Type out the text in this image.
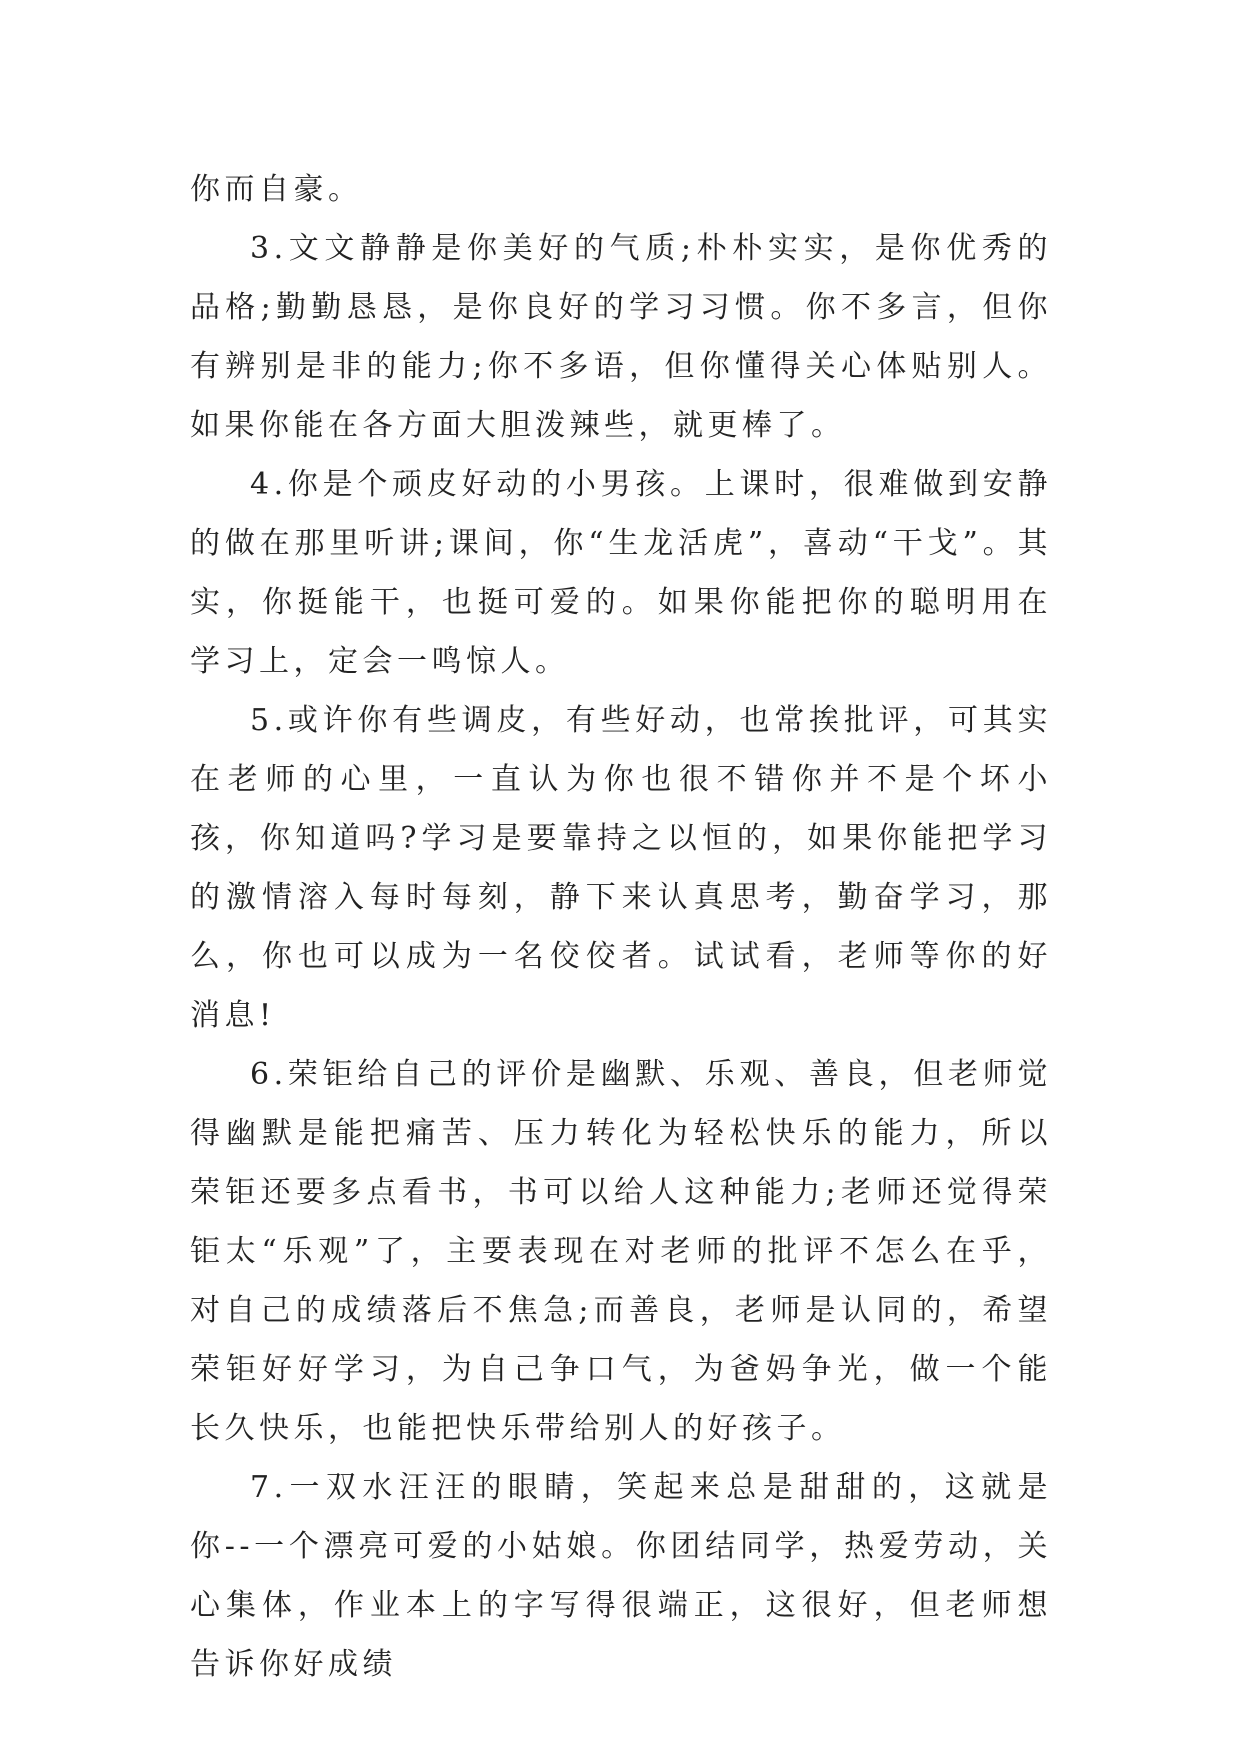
你而自豪。

3.文文静静是你美好的气质;朴朴实实，是你优秀的品格;勤勤恳恳，是你良好的学习习惯。你不多言，但你有辨别是非的能力;你不多语，但你懂得关心体贴别人。如果你能在各方面大胆泼辣些，就更棒了。

4.你是个顽皮好动的小男孩。上课时，很难做到安静的做在那里听讲;课间，你“生龙活虎”，喜动“干戈”。其实，你挺能干，也挺可爱的。如果你能把你的聪明用在学习上，定会一鸣惊人。

5.或许你有些调皮，有些好动，也常挨批评，可其实在老师的心里，一直认为你也很不错你并不是个坏小孩，你知道吗?学习是要靠持之以恒的，如果你能把学习的激情溶入每时每刻，静下来认真思考，勤奋学习，那么，你也可以成为一名佼佼者。试试看，老师等你的好消息!

6.荣钜给自己的评价是幽默、乐观、善良，但老师觉得幽默是能把痛苦、压力转化为轻松快乐的能力，所以荣钜还要多点看书，书可以给人这种能力;老师还觉得荣钜太“乐观”了，主要表现在对老师的批评不怎么在乎，对自己的成绩落后不焦急;而善良，老师是认同的，希望荣钜好好学习，为自己争口气，为爸妈争光，做一个能长久快乐，也能把快乐带给别人的好孩子。

7.一双水汪汪的眼睛，笑起来总是甜甜的，这就是你--一个漂亮可爱的小姑娘。你团结同学，热爱劳动，关心集体，作业本上的字写得很端正，这很好，但老师想告诉你好成绩
